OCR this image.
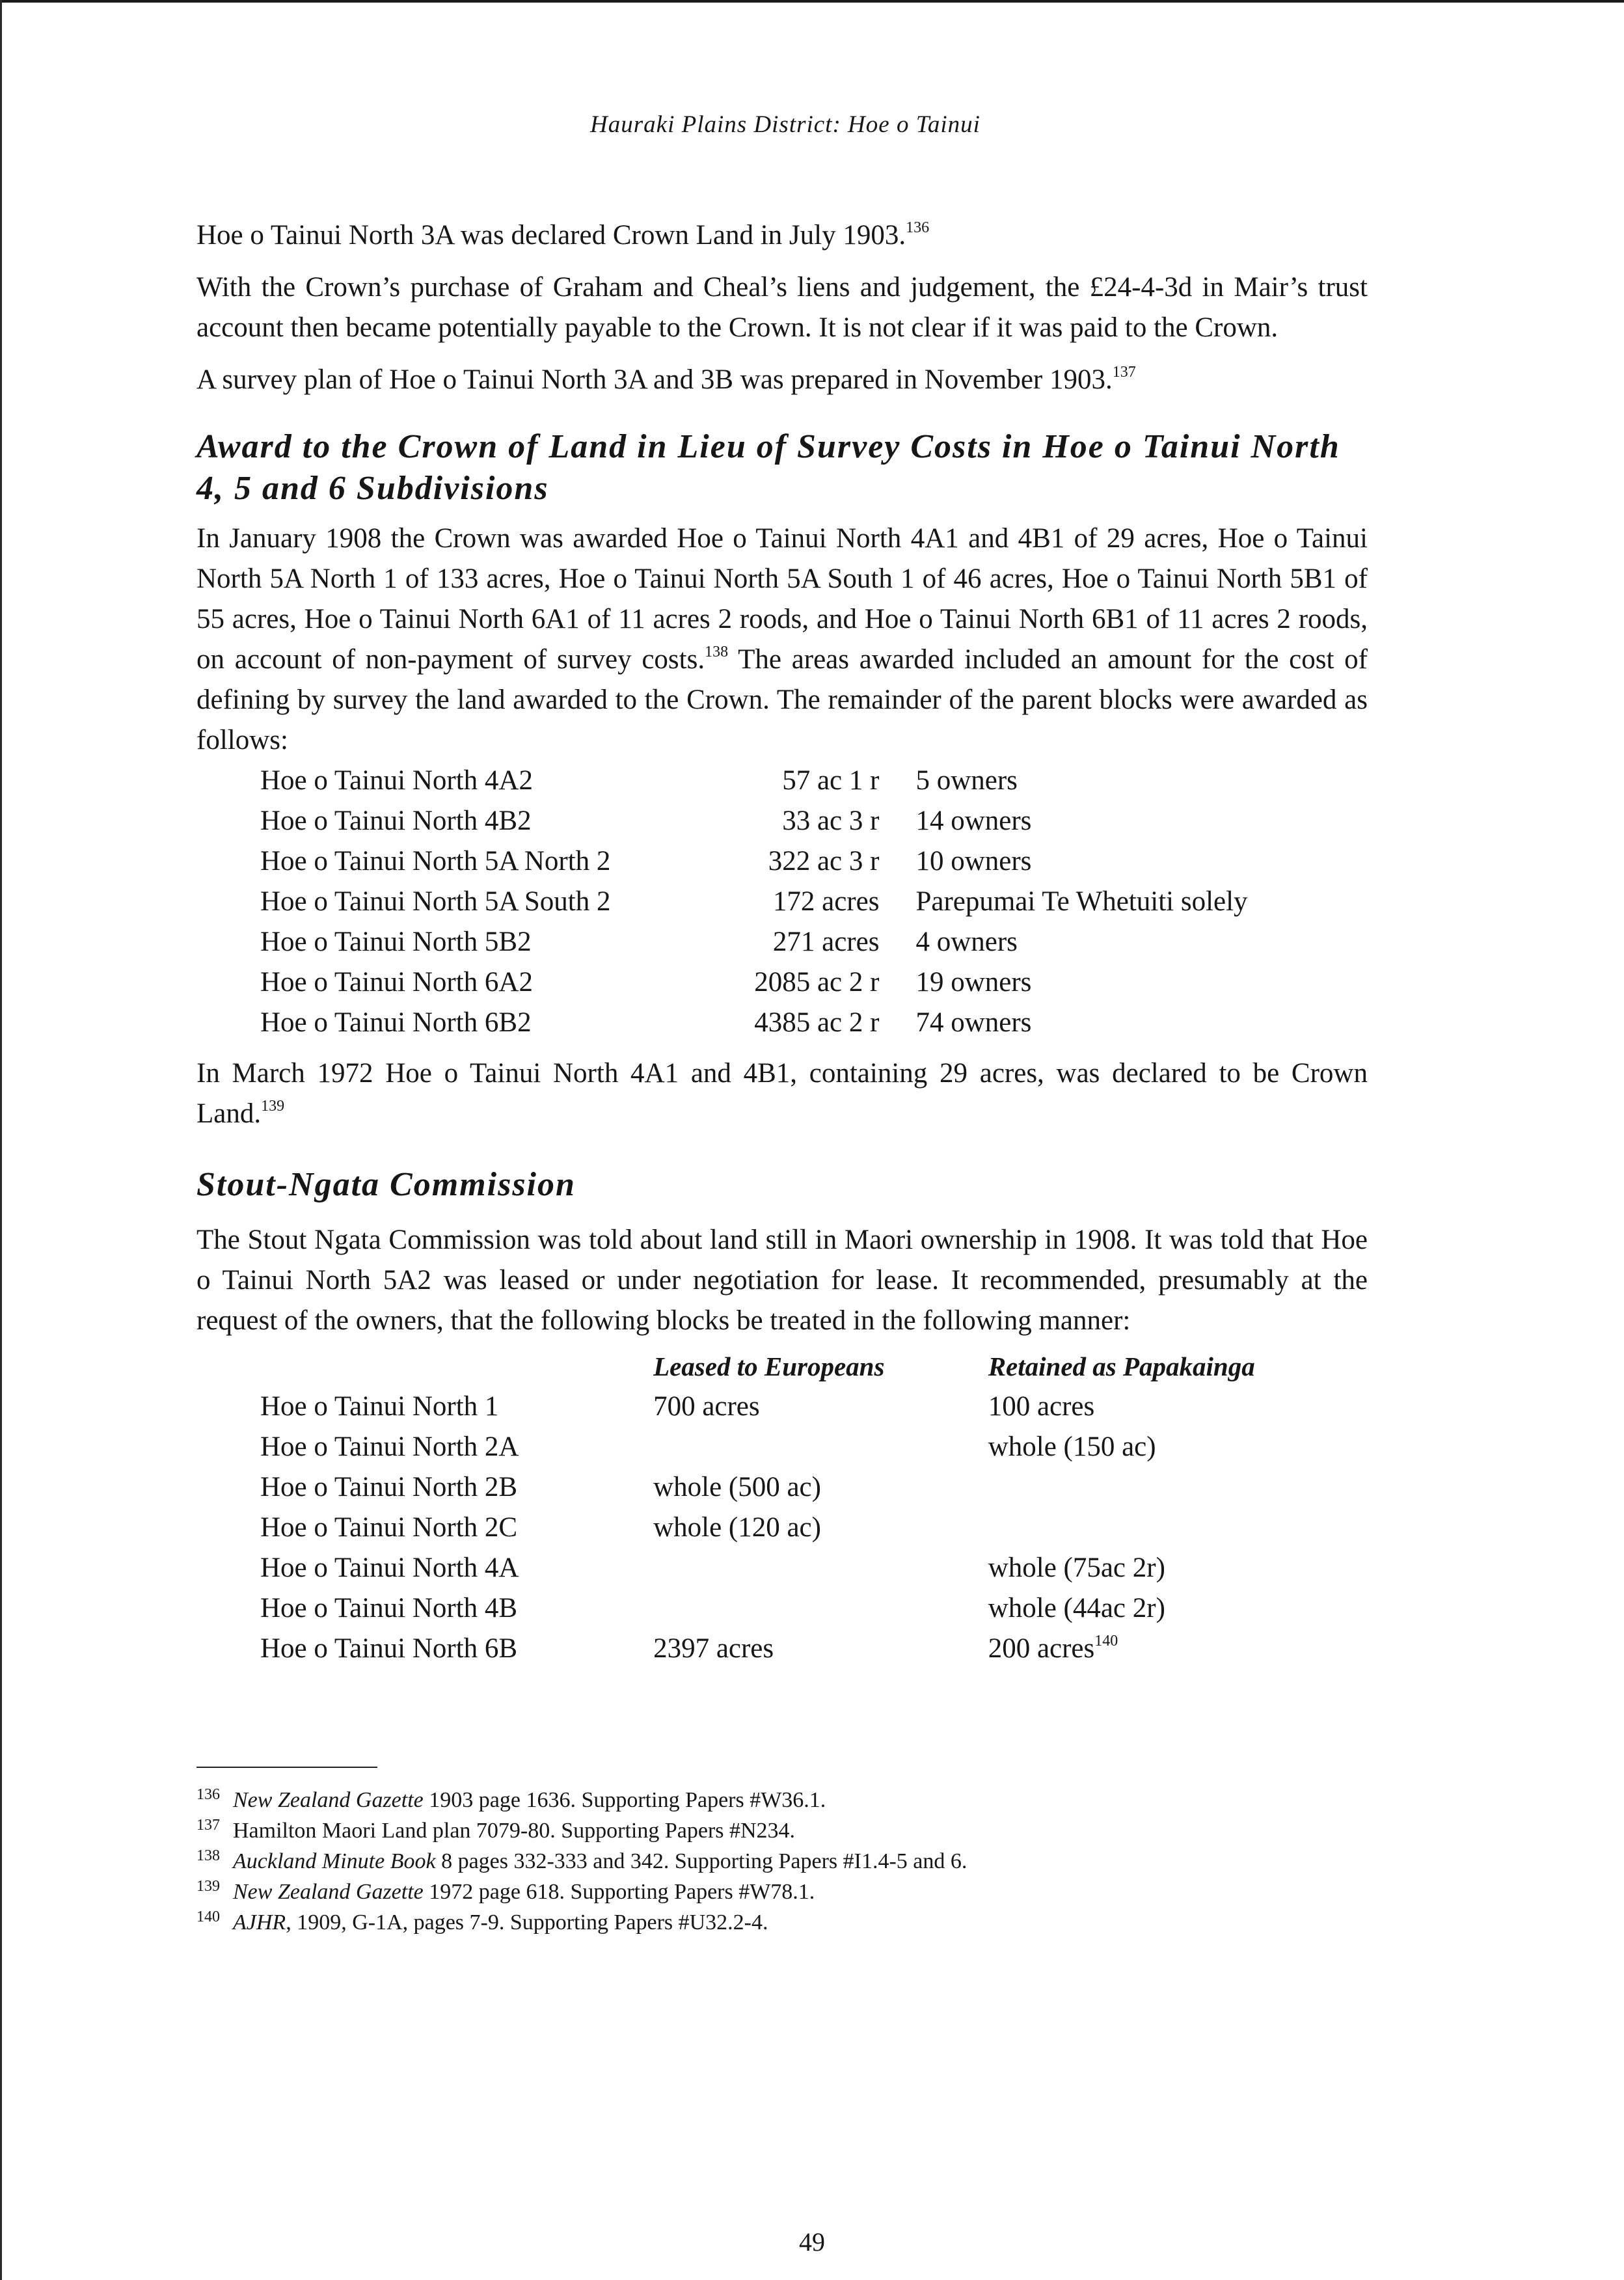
Hauraki Plains District: Hoe o Tainui

Hoe o Tainui North 3A was declared Crown Land in July 1903.$^{136}$

With the Crown’s purchase of Graham and Cheal’s liens and judgement, the £24-4-3d in Mair’s trust account then became potentially payable to the Crown. It is not clear if it was paid to the Crown.

A survey plan of Hoe o Tainui North 3A and 3B was prepared in November 1903.$^{137}$

Award to the Crown of Land in Lieu of Survey Costs in Hoe o Tainui North 4, 5 and 6 Subdivisions

In January 1908 the Crown was awarded Hoe o Tainui North 4A1 and 4B1 of 29 acres, Hoe o Tainui North 5A North 1 of 133 acres, Hoe o Tainui North 5A South 1 of 46 acres, Hoe o Tainui North 5B1 of 55 acres, Hoe o Tainui North 6A1 of 11 acres 2 roods, and Hoe o Tainui North 6B1 of 11 acres 2 roods, on account of non-payment of survey costs.$^{138}$ The areas awarded included an amount for the cost of defining by survey the land awarded to the Crown. The remainder of the parent blocks were awarded as follows:

Hoe o Tainui North 4A2	57 ac 1 r	5 owners
Hoe o Tainui North 4B2	33 ac 3 r	14 owners
Hoe o Tainui North 5A North 2	322 ac 3 r	10 owners
Hoe o Tainui North 5A South 2	172 acres	Parepumai Te Whetuiti solely
Hoe o Tainui North 5B2	271 acres	4 owners
Hoe o Tainui North 6A2	2085 ac 2 r	19 owners
Hoe o Tainui North 6B2	4385 ac 2 r	74 owners

In March 1972 Hoe o Tainui North 4A1 and 4B1, containing 29 acres, was declared to be Crown Land.$^{139}$

Stout-Ngata Commission

The Stout Ngata Commission was told about land still in Maori ownership in 1908. It was told that Hoe o Tainui North 5A2 was leased or under negotiation for lease. It recommended, presumably at the request of the owners, that the following blocks be treated in the following manner:

	Leased to Europeans	Retained as Papakainga
Hoe o Tainui North 1	700 acres	100 acres
Hoe o Tainui North 2A		whole (150 ac)
Hoe o Tainui North 2B	whole (500 ac)	
Hoe o Tainui North 2C	whole (120 ac)	
Hoe o Tainui North 4A		whole (75ac 2r)
Hoe o Tainui North 4B		whole (44ac 2r)
Hoe o Tainui North 6B	2397 acres	200 acres$^{140}$
136 New Zealand Gazette 1903 page 1636. Supporting Papers #W36.1.
137 Hamilton Maori Land plan 7079-80. Supporting Papers #N234.
138 Auckland Minute Book 8 pages 332-333 and 342. Supporting Papers #I1.4-5 and 6.
139 New Zealand Gazette 1972 page 618. Supporting Papers #W78.1.
140 AJHR, 1909, G-1A, pages 7-9. Supporting Papers #U32.2-4.
49
